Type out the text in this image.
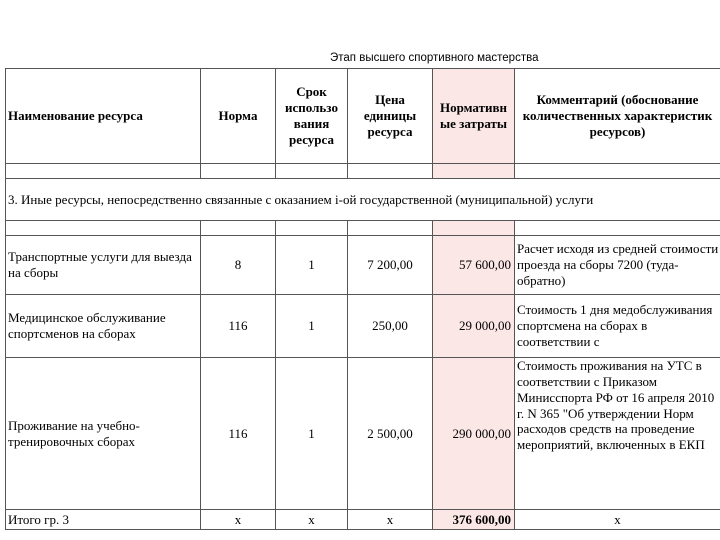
Этап высшего спортивного мастерства
Наименование ресурса	Норма	Срок использо вания ресурса	Цена единицы ресурса	Нормативн ые затраты	Комментарий (обоснование количественных характеристик ресурсов)

3. Иные ресурсы, непосредственно связанные с оказанием i-ой государственной (муниципальной) услуги					

Транспортные услуги для выезда на сборы	8	1	7 200,00	57 600,00	Расчет исходя из средней стоимости проезда на сборы 7200 (туда-обратно)
Медицинское обслуживание спортсменов на сборах	116	1	250,00	29 000,00	Стоимость 1 дня медобслуживания спортсмена на сборах в соответствии с
Проживание на учебно-тренировочных сборах	116	1	2 500,00	290 000,00	Стоимость проживания на УТС в соответствии с Приказом Минисспорта РФ от 16 апреля 2010 г. N 365 "Об утверждении Норм расходов средств на проведение мероприятий, включенных в ЕКП
Итого гр. 3	x	x	x	376 600,00	x
